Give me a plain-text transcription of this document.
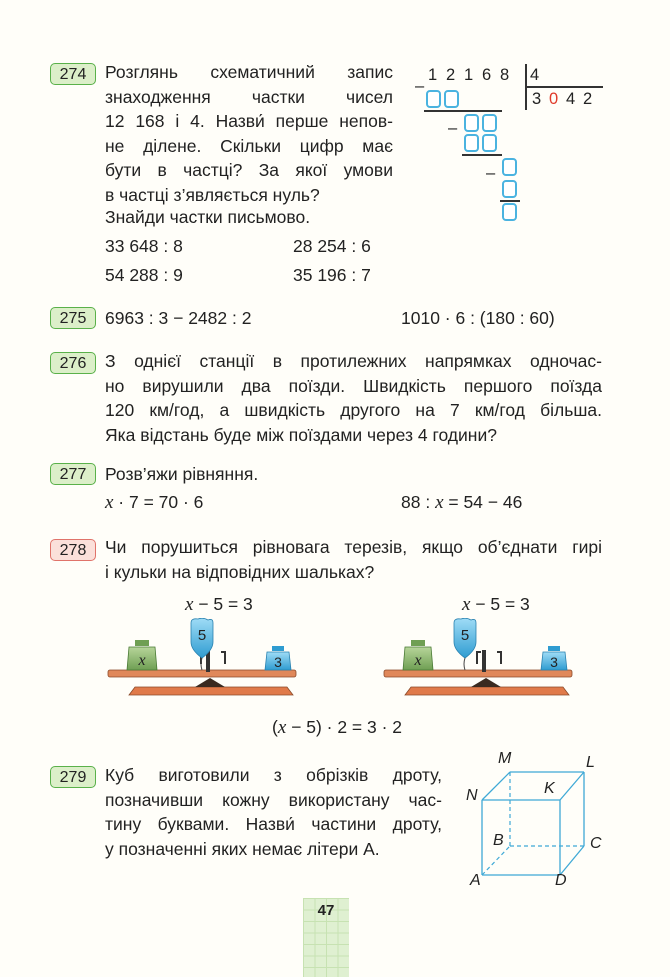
274	Розглянь схематичний запис
знаходження частки чисел
12 168 і 4. Назви́ перше непов-
не ділене. Скільки цифр має
бути в частці? За якої умови
в частці з’являється нуль?
Знайди частки письмово.
33 648 : 8	28 254 : 6
54 288 : 9	35 196 : 7
–
1 2 1 6 8 4
3 0 4 2
–
–
275	6963 : 3 − 2482 : 2	1010 · 6 : (180 : 60)
276	З однієї станції в протилежних напрямках одночас-
но вирушили два поїзди. Швидкість першого поїзда
120 км/год, а швидкість другого на 7 км/год більша.
Яка відстань буде між поїздами через 4 години?
277	Розв’яжи рівняння.
x · 7 = 70 · 6	88 : x = 54 − 46
278	Чи порушиться рівновага терезів, якщо об’єднати гирі
і кульки на відповідних шальках?
x − 5 = 3	x − 5 = 3
x
5
3	x
5
3
(x − 5) · 2 = 3 · 2
279	Куб виготовили з обрізків дроту,
позначивши кожну використану час-
тину буквами. Назви́ частини дроту,
у позначенні яких немає літери А.
M	L
N	K
B	C
A	D
47
